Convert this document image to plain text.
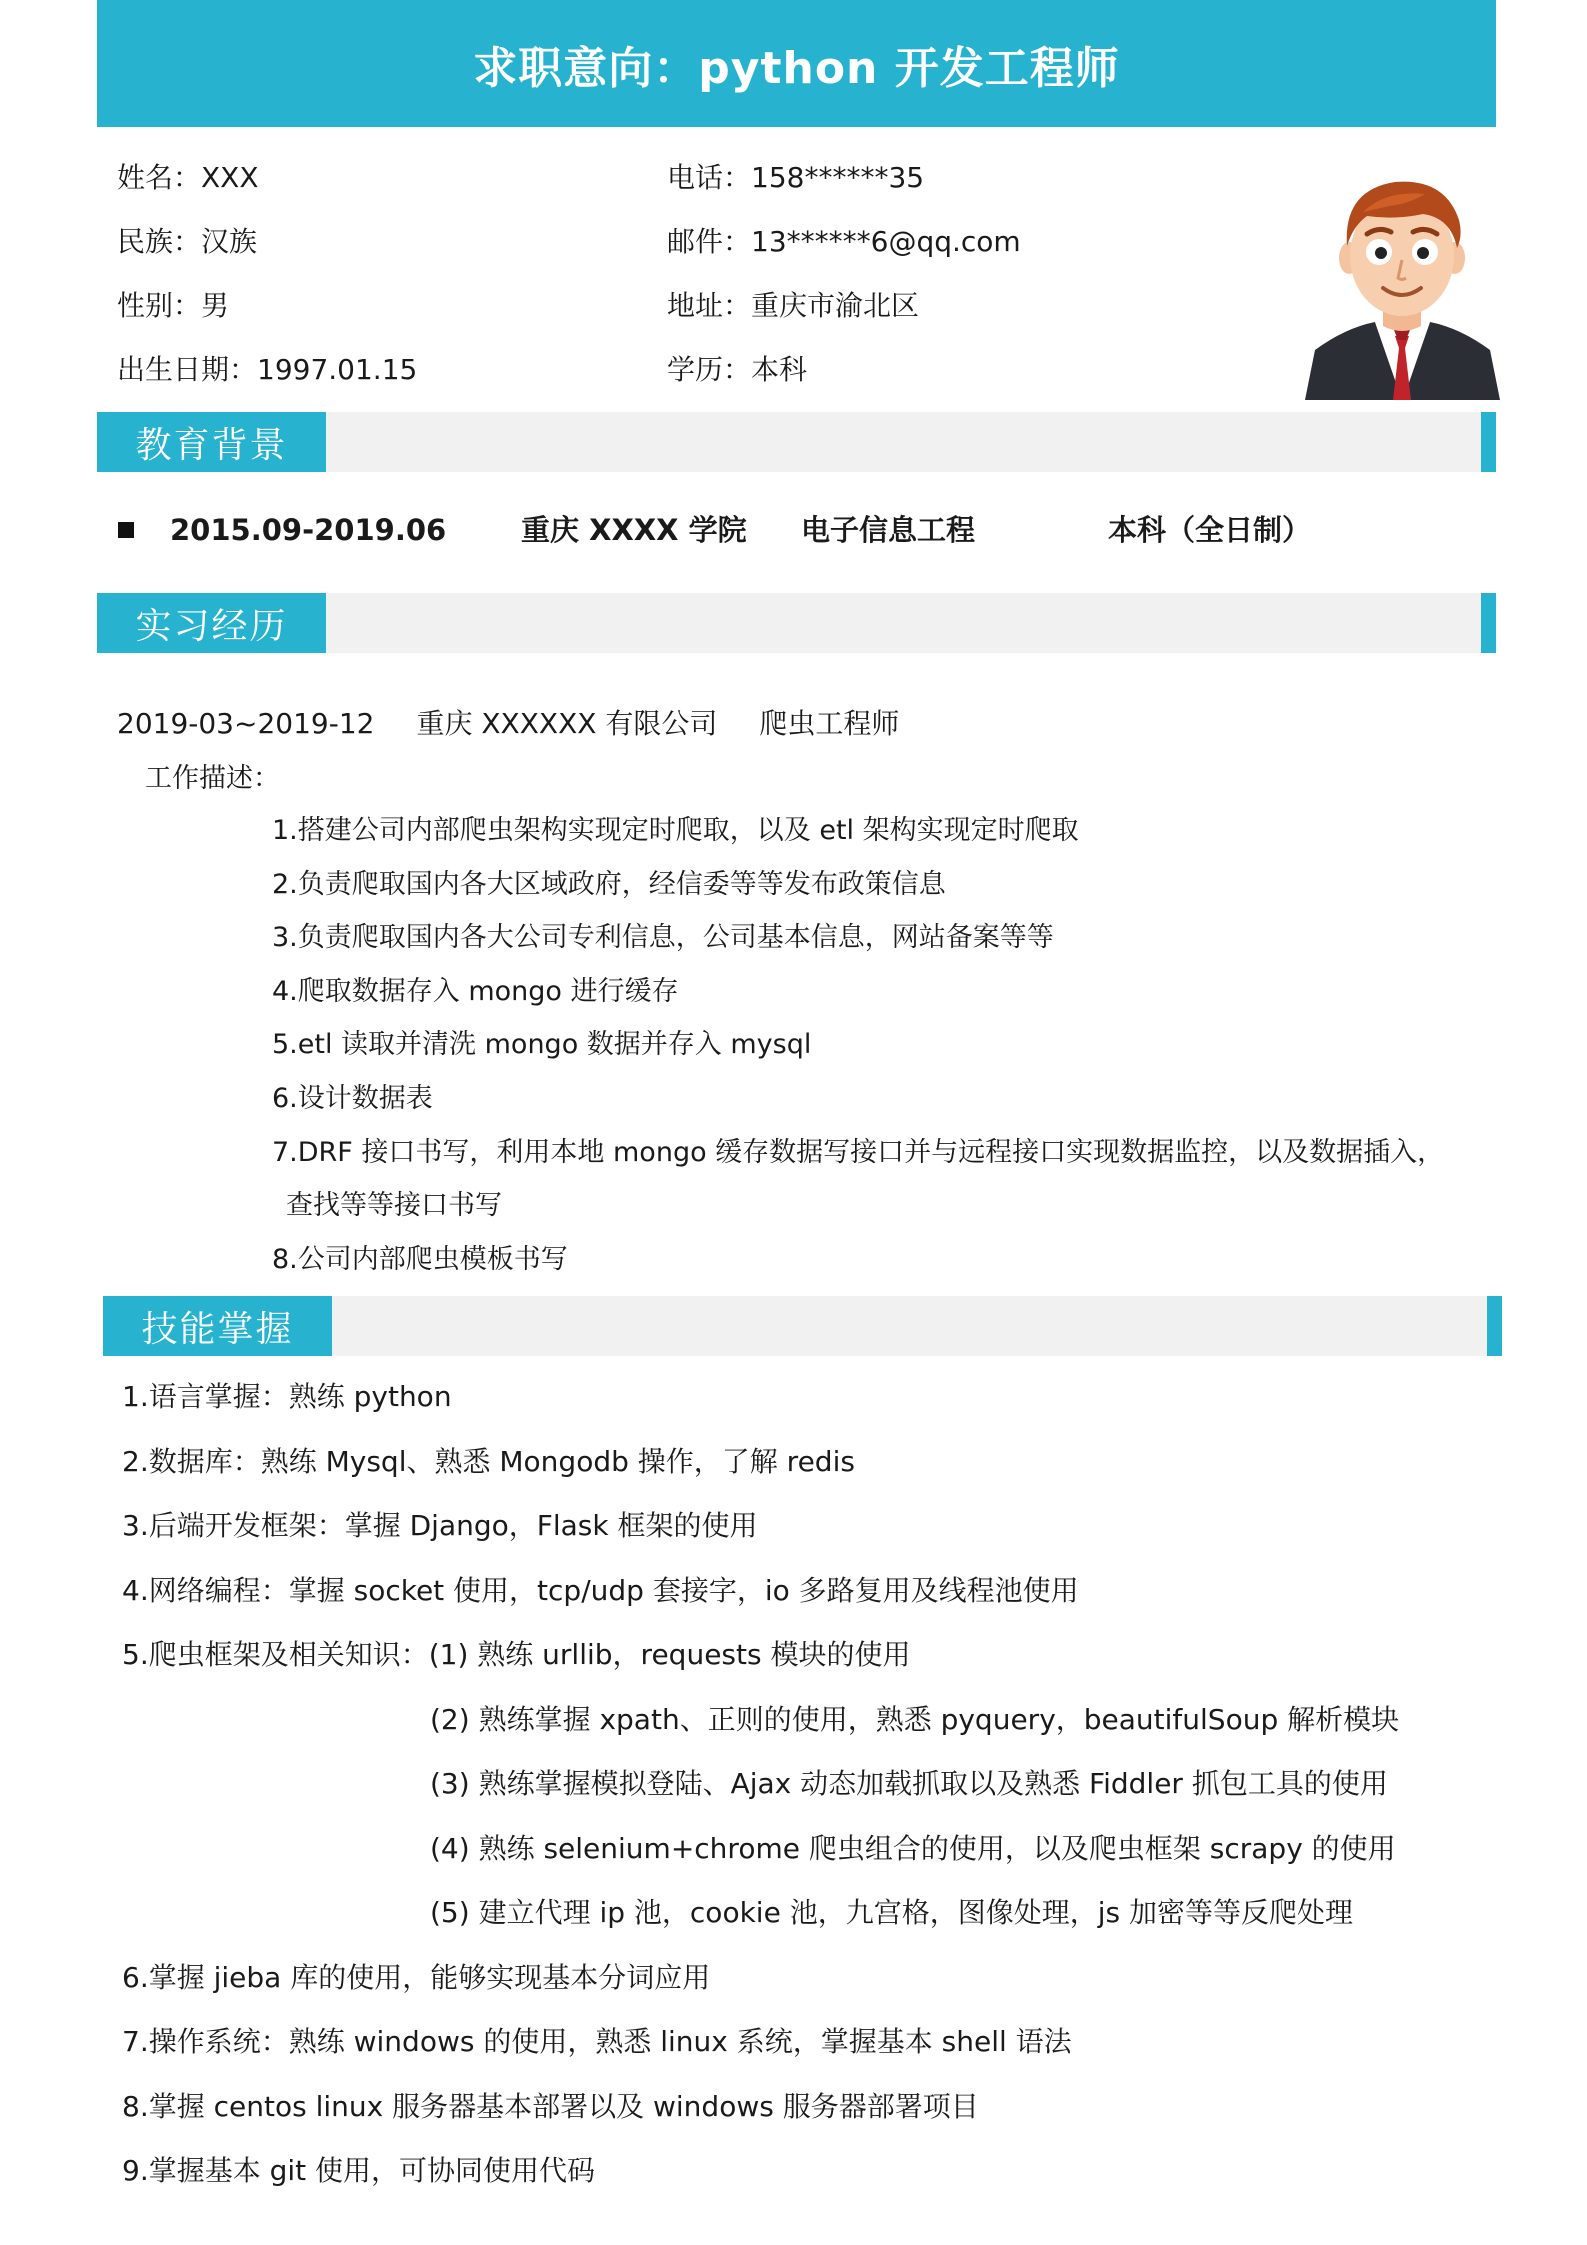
求职意向：python 开发工程师
姓名：XXX
民族：汉族
性别：男
出生日期：1997.01.15
电话：158******35
邮件：13******6@qq.com
地址：重庆市渝北区
学历：本科
教育背景
2015.09-2019.06	重庆 XXXX 学院 电子信息工程	本科（全日制）
实习经历
2019-03~2019-12 重庆 XXXXXX 有限公司 爬虫工程师
工作描述：
1.搭建公司内部爬虫架构实现定时爬取，以及 etl 架构实现定时爬取
2.负责爬取国内各大区域政府，经信委等等发布政策信息
3.负责爬取国内各大公司专利信息，公司基本信息，网站备案等等
4.爬取数据存入 mongo 进行缓存
5.etl 读取并清洗 mongo 数据并存入 mysql
6.设计数据表
7.DRF 接口书写，利用本地 mongo 缓存数据写接口并与远程接口实现数据监控，以及数据插入，
查找等等接口书写
8.公司内部爬虫模板书写
技能掌握
1.语言掌握：熟练 python
2.数据库：熟练 Mysql、熟悉 Mongodb 操作，了解 redis
3.后端开发框架：掌握 Django，Flask 框架的使用
4.网络编程：掌握 socket 使用，tcp/udp 套接字，io 多路复用及线程池使用
5.爬虫框架及相关知识：(1) 熟练 urllib，requests 模块的使用
(2) 熟练掌握 xpath、正则的使用，熟悉 pyquery，beautifulSoup 解析模块
(3) 熟练掌握模拟登陆、Ajax 动态加载抓取以及熟悉 Fiddler 抓包工具的使用
(4) 熟练 selenium+chrome 爬虫组合的使用，以及爬虫框架 scrapy 的使用
(5) 建立代理 ip 池，cookie 池，九宫格，图像处理，js 加密等等反爬处理
6.掌握 jieba 库的使用，能够实现基本分词应用
7.操作系统：熟练 windows 的使用，熟悉 linux 系统，掌握基本 shell 语法
8.掌握 centos linux 服务器基本部署以及 windows 服务器部署项目
9.掌握基本 git 使用，可协同使用代码
